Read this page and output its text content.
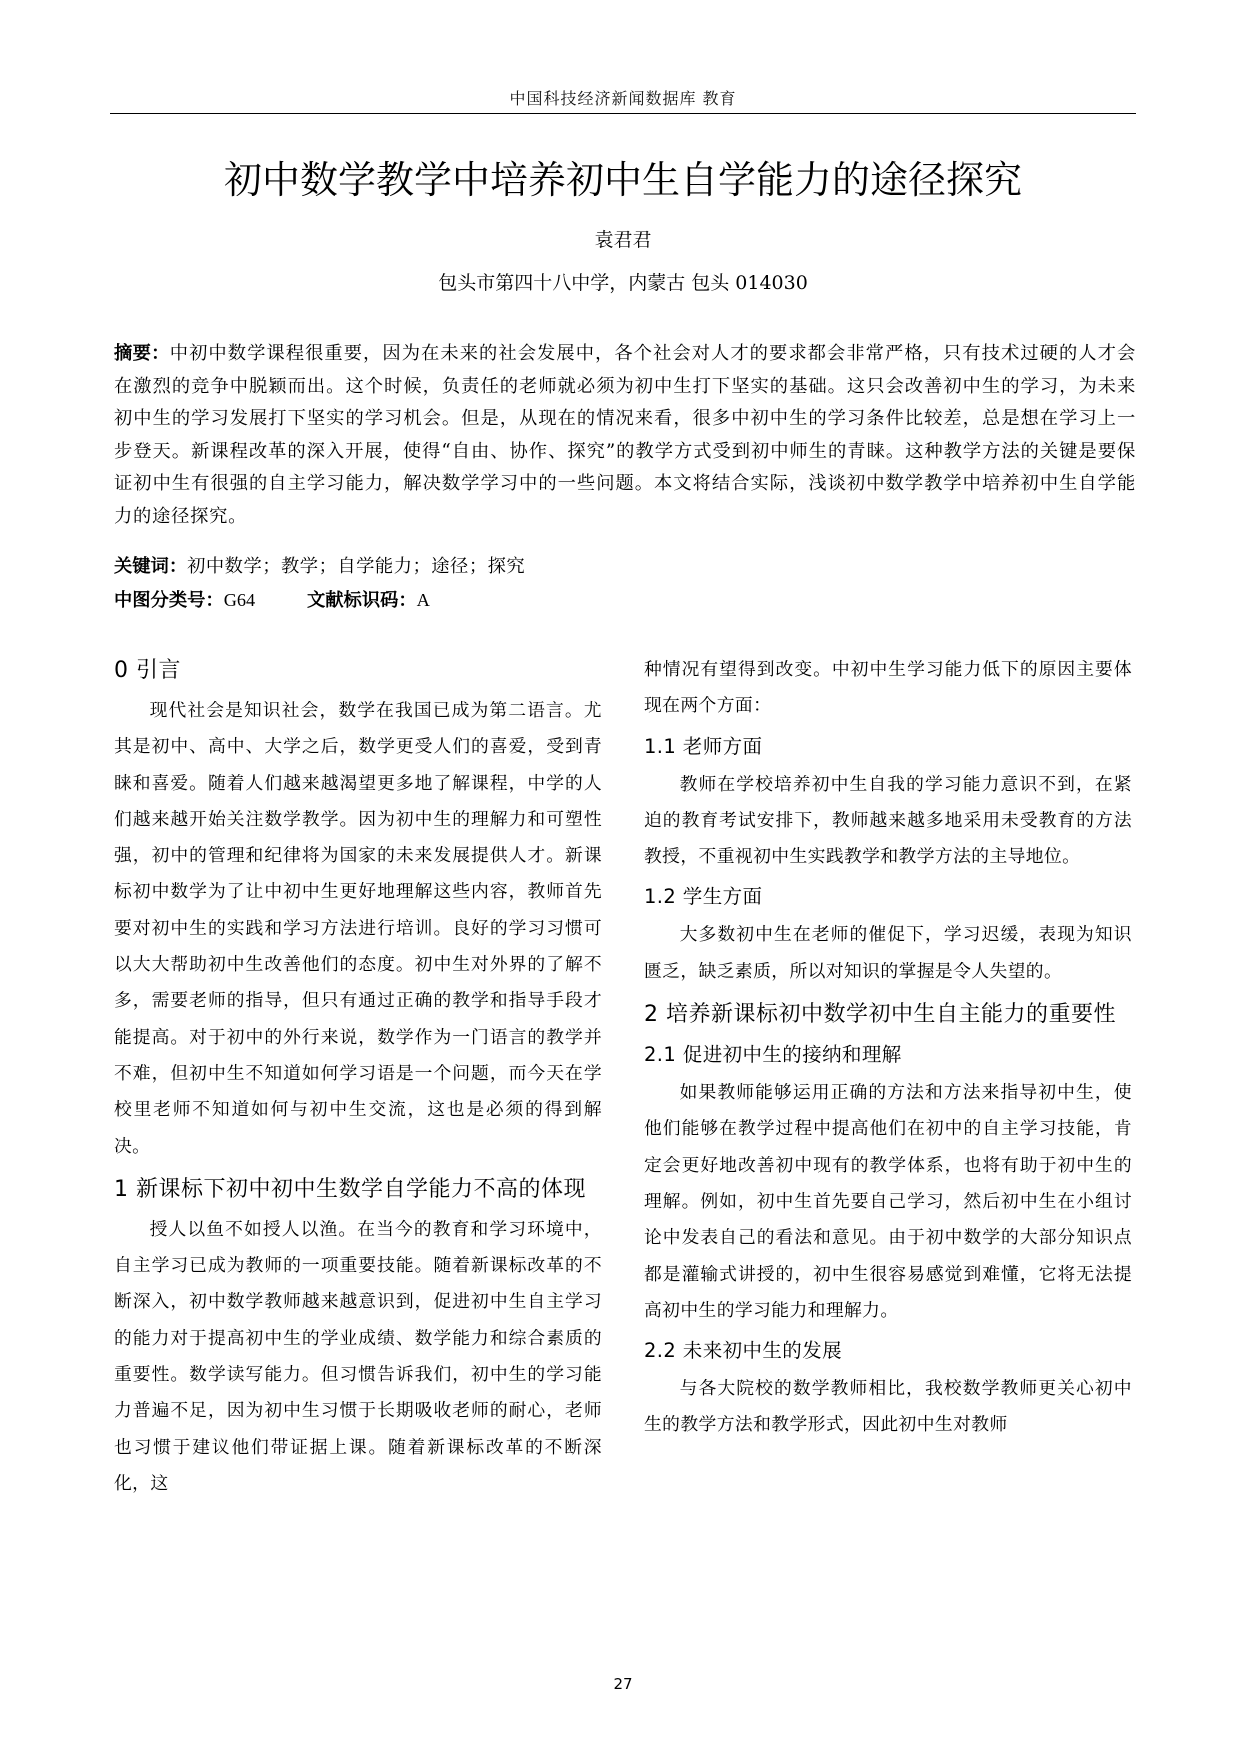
中国科技经济新闻数据库 教育
初中数学教学中培养初中生自学能力的途径探究
袁君君
包头市第四十八中学，内蒙古 包头 014030
摘要：中初中数学课程很重要，因为在未来的社会发展中，各个社会对人才的要求都会非常严格，只有技术过硬的人才会在激烈的竞争中脱颖而出。这个时候，负责任的老师就必须为初中生打下坚实的基础。这只会改善初中生的学习，为未来初中生的学习发展打下坚实的学习机会。但是，从现在的情况来看，很多中初中生的学习条件比较差，总是想在学习上一步登天。新课程改革的深入开展，使得“自由、协作、探究”的教学方式受到初中师生的青睐。这种教学方法的关键是要保证初中生有很强的自主学习能力，解决数学学习中的一些问题。本文将结合实际，浅谈初中数学教学中培养初中生自学能力的途径探究。
关键词：初中数学；教学；自学能力；途径；探究
中图分类号：G64	文献标识码：A
0 引言

现代社会是知识社会，数学在我国已成为第二语言。尤其是初中、高中、大学之后，数学更受人们的喜爱，受到青睐和喜爱。随着人们越来越渴望更多地了解课程，中学的人们越来越开始关注数学教学。因为初中生的理解力和可塑性强，初中的管理和纪律将为国家的未来发展提供人才。新课标初中数学为了让中初中生更好地理解这些内容，教师首先要对初中生的实践和学习方法进行培训。良好的学习习惯可以大大帮助初中生改善他们的态度。初中生对外界的了解不多，需要老师的指导，但只有通过正确的教学和指导手段才能提高。对于初中的外行来说，数学作为一门语言的教学并不难，但初中生不知道如何学习语是一个问题，而今天在学校里老师不知道如何与初中生交流，这也是必须的得到解决。

1 新课标下初中初中生数学自学能力不高的体现

授人以鱼不如授人以渔。在当今的教育和学习环境中，自主学习已成为教师的一项重要技能。随着新课标改革的不断深入，初中数学教师越来越意识到，促进初中生自主学习的能力对于提高初中生的学业成绩、数学能力和综合素质的重要性。数学读写能力。但习惯告诉我们，初中生的学习能力普遍不足，因为初中生习惯于长期吸收老师的耐心，老师也习惯于建议他们带证据上课。随着新课标改革的不断深化，这

种情况有望得到改变。中初中生学习能力低下的原因主要体现在两个方面：

1.1 老师方面

教师在学校培养初中生自我的学习能力意识不到，在紧迫的教育考试安排下，教师越来越多地采用未受教育的方法教授，不重视初中生实践教学和教学方法的主导地位。

1.2 学生方面

大多数初中生在老师的催促下，学习迟缓，表现为知识匮乏，缺乏素质，所以对知识的掌握是令人失望的。

2 培养新课标初中数学初中生自主能力的重要性
2.1 促进初中生的接纳和理解

如果教师能够运用正确的方法和方法来指导初中生，使他们能够在教学过程中提高他们在初中的自主学习技能，肯定会更好地改善初中现有的教学体系，也将有助于初中生的理解。例如，初中生首先要自己学习，然后初中生在小组讨论中发表自己的看法和意见。由于初中数学的大部分知识点都是灌输式讲授的，初中生很容易感觉到难懂，它将无法提高初中生的学习能力和理解力。

2.2 未来初中生的发展

与各大院校的数学教师相比，我校数学教师更关心初中生的教学方法和教学形式，因此初中生对教师

27
